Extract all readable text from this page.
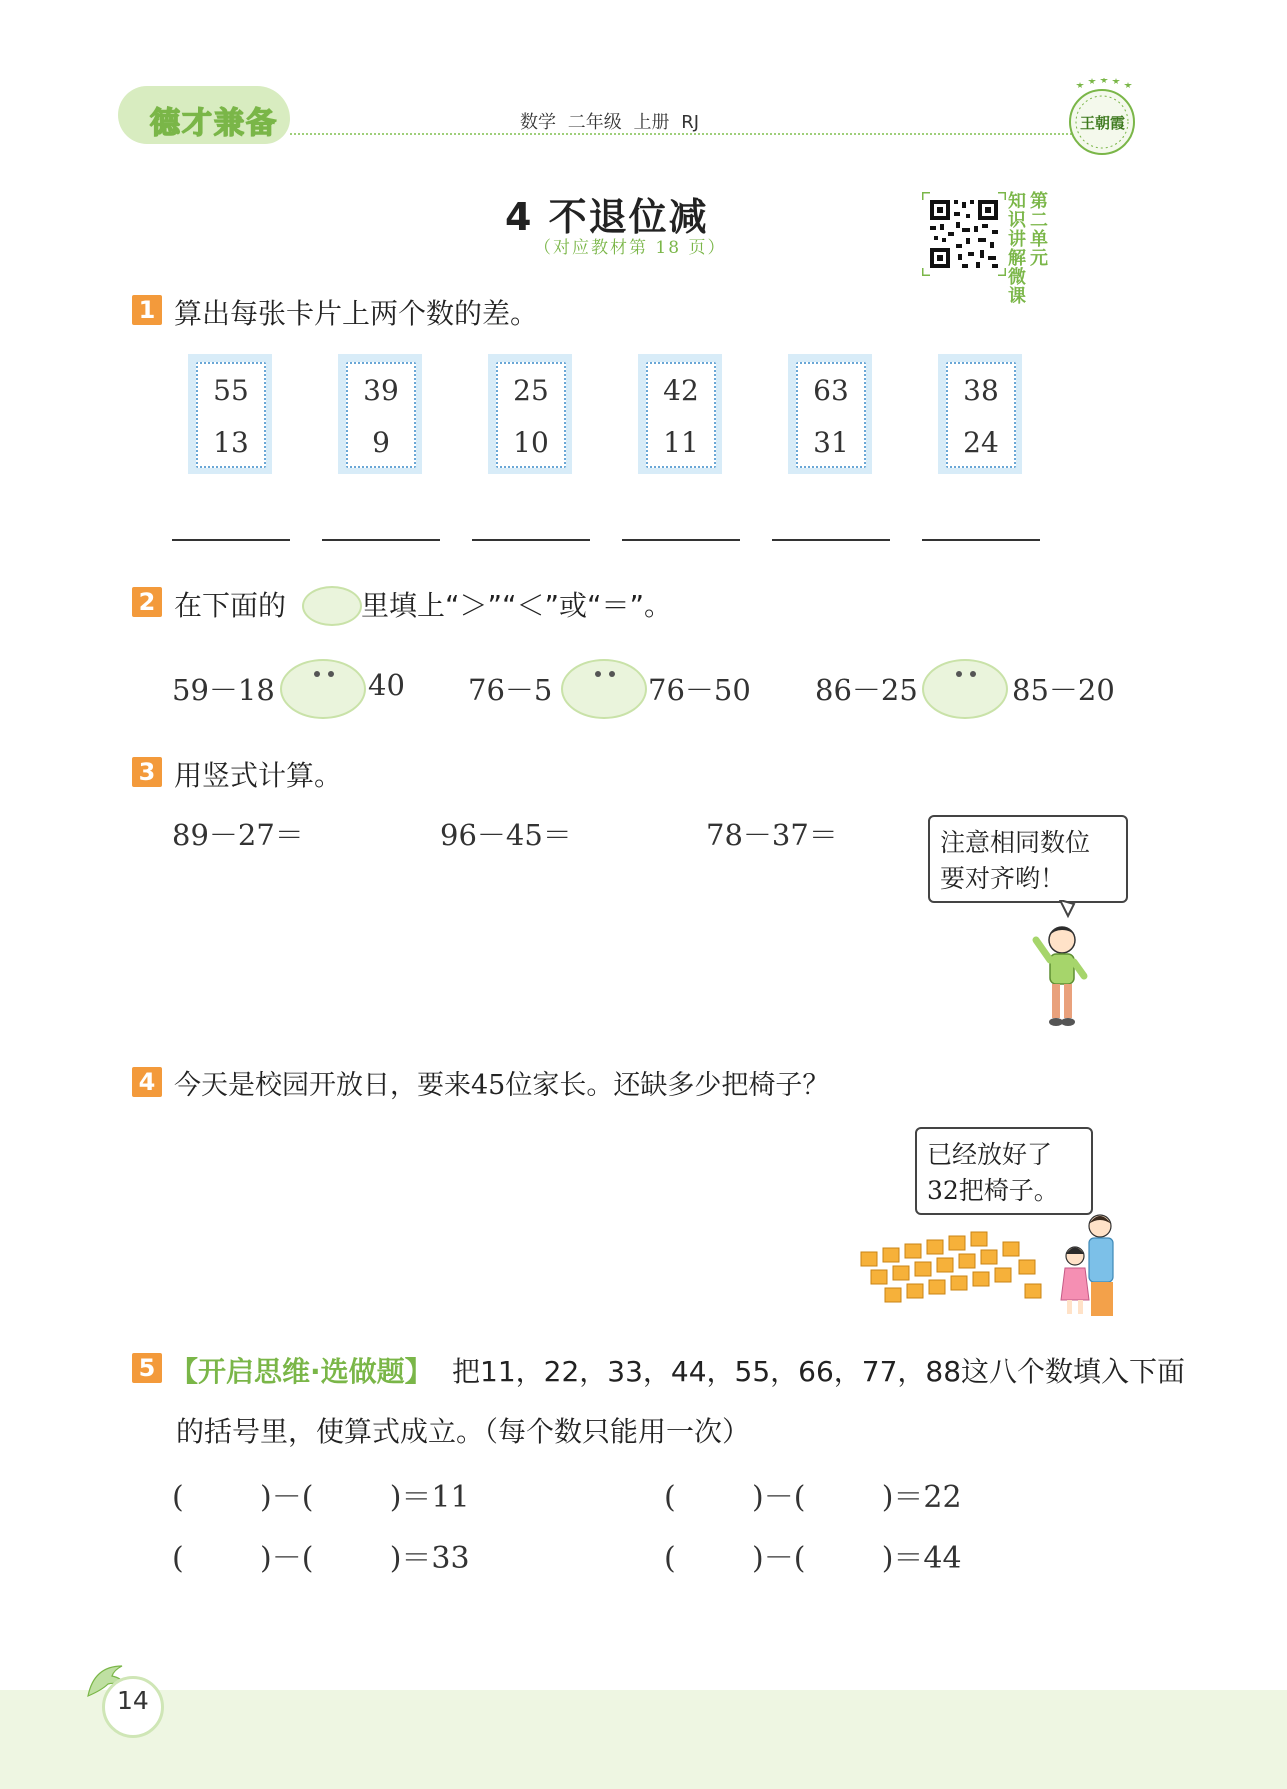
德才兼备	数学 二年级 上册 RJ	王朝霞
4 不退位减
（对应教材第 18 页）
知识讲解微课
第二单元
1 算出每张卡片上两个数的差。
55
13
39
9
25
10
42
11
63
31
38
24
2 在下面的	里填上“＞”“＜”或“＝”。
59－18	40 76－5	76－50 86－25	85－20
3 用竖式计算。
89－27＝	96－45＝	78－37＝	注意相同数位
要对齐哟！
4 今天是校园开放日，要来45位家长。还缺多少把椅子？
已经放好了
32把椅子。
5 【开启思维·选做题】 把11，22，33，44，55，66，77，88这八个数填入下面
的括号里，使算式成立。（每个数只能用一次）
(        )－(        )＝11	(        )－(        )＝22
(        )－(        )＝33	(        )－(        )＝44
14
